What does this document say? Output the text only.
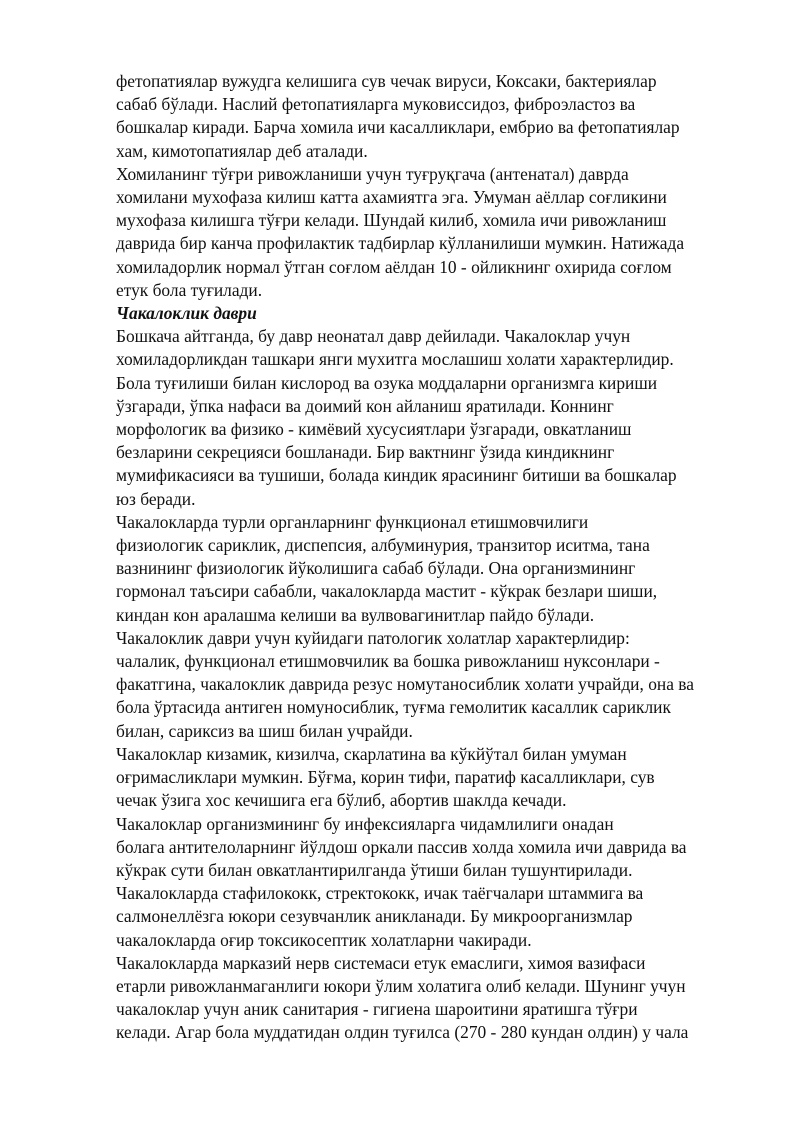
фетопатиялар вужудга келишига сув чечак вируси, Коксаки, бактериялар
сабаб бўлади. Наслий фетопатияларга муковиссидоз, фиброэластоз ва
бошкалар киради. Барча хомила ичи касалликлари, ембрио ва фетопатиялар
хам, кимотопатиялар деб аталади.
Хомиланинг тўғри ривожланиши учун туғруқгача (антенатал) даврда
хомилани мухофаза килиш катта ахамиятга эга. Умуман аёллар соғликини
мухофаза килишга тўғри келади. Шундай килиб, хомила ичи ривожланиш
даврида бир канча профилактик тадбирлар кўлланилиши мумкин. Натижада
хомиладорлик нормал ўтган соғлом аёлдан 10 - ойликнинг охирида соғлом
етук бола туғилади.
Чакалоклик даври
Бошкача айтганда, бу давр неонатал давр дейилади. Чакалоклар учун
хомиладорликдан ташкари янги мухитга мослашиш холати характерлидир.
Бола туғилиши билан кислород ва озука моддаларни организмга кириши
ўзгаради, ўпка нафаси ва доимий кон айланиш яратилади. Коннинг
морфологик ва физико - кимёвий хусусиятлари ўзгаради, овкатланиш
безларини секрецияси бошланади. Бир вактнинг ўзида киндикнинг
мумификасияси ва тушиши, болада киндик ярасининг битиши ва бошкалар
юз беради.
Чакалокларда турли органларнинг функционал етишмовчилиги
физиологик сариклик, диспепсия, албуминурия, транзитор иситма, тана
вазнининг физиологик йўколишига сабаб бўлади. Она организмининг
гормонал таъсири сабабли, чакалокларда мастит - кўкрак безлари шиши,
киндан кон аралашма келиши ва вулвовагинитлар пайдо бўлади.
Чакалоклик даври учун куйидаги патологик холатлар характерлидир:
чалалик, функционал етишмовчилик ва бошка ривожланиш нуксонлари -
факатгина, чакалоклик даврида резус номутаносиблик холати учрайди, она ва
бола ўртасида антиген номуносиблик, туғма гемолитик касаллик сариклик
билан, сариксиз ва шиш билан учрайди.
Чакалоклар кизамик, кизилча, скарлатина ва кўкйўтал билан умуман
оғримасликлари мумкин. Бўғма, корин тифи, паратиф касалликлари, сув
чечак ўзига хос кечишига ега бўлиб, абортив шаклда кечади.
Чакалоклар организмининг бу инфексияларга чидамлилиги онадан
болага антителоларнинг йўлдош оркали пассив холда хомила ичи даврида ва
кўкрак сути билан овкатлантирилганда ўтиши билан тушунтирилади.
Чакалокларда стафилококк, стректококк, ичак таёгчалари штаммига ва
салмонеллёзга юкори сезувчанлик аникланади. Бу микроорганизмлар
чакалокларда оғир токсикосептик холатларни чакиради.
Чакалокларда марказий нерв системаси етук емаслиги, химоя вазифаси
етарли ривожланмаганлиги юкори ўлим холатига олиб келади. Шунинг учун
чакалоклар учун аник санитария - гигиена шароитини яратишга тўғри
келади. Агар бола муддатидан олдин туғилса (270 - 280 кундан олдин) у чала
